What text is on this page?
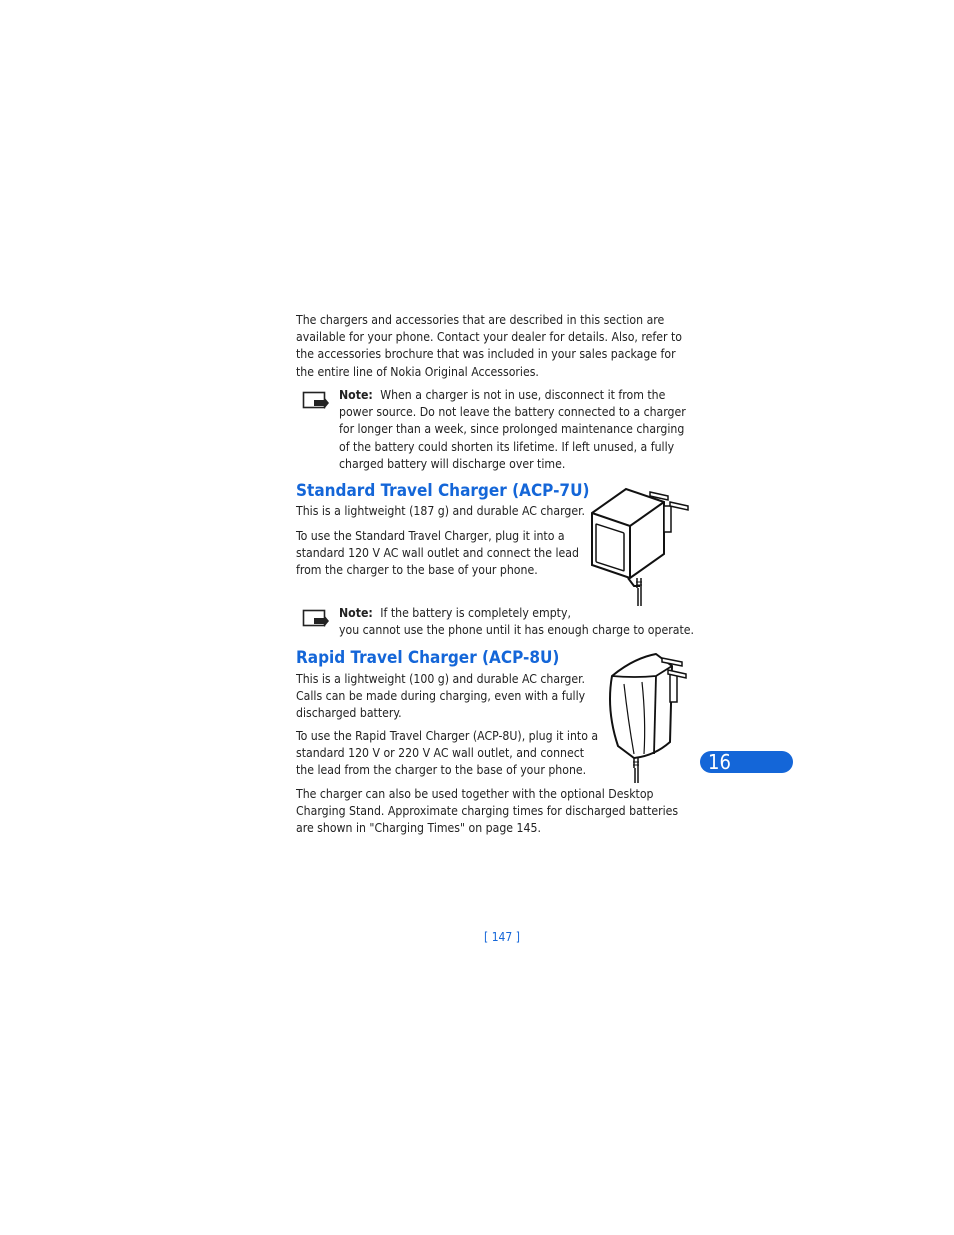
The chargers and accessories that are described in this section are available for your phone. Contact your dealer for details. Also, refer to the accessories brochure that was included in your sales package for the entire line of Nokia Original Accessories.

Note: When a charger is not in use, disconnect it from the power source. Do not leave the battery connected to a charger for longer than a week, since prolonged maintenance charging of the battery could shorten its lifetime. If left unused, a fully charged battery will discharge over time.

Standard Travel Charger (ACP-7U)

This is a lightweight (187 g) and durable AC charger.

To use the Standard Travel Charger, plug it into a standard 120 V AC wall outlet and connect the lead from the charger to the base of your phone.

Note: If the battery is completely empty,

you cannot use the phone until it has enough charge to operate.

Rapid Travel Charger (ACP-8U)

This is a lightweight (100 g) and durable AC charger. Calls can be made during charging, even with a fully discharged battery.

To use the Rapid Travel Charger (ACP-8U), plug it into a standard 120 V or 220 V AC wall outlet, and connect the lead from the charger to the base of your phone.

The charger can also be used together with the optional Desktop Charging Stand. Approximate charging times for discharged batteries are shown in "Charging Times" on page 145.

16
[ 147 ]
